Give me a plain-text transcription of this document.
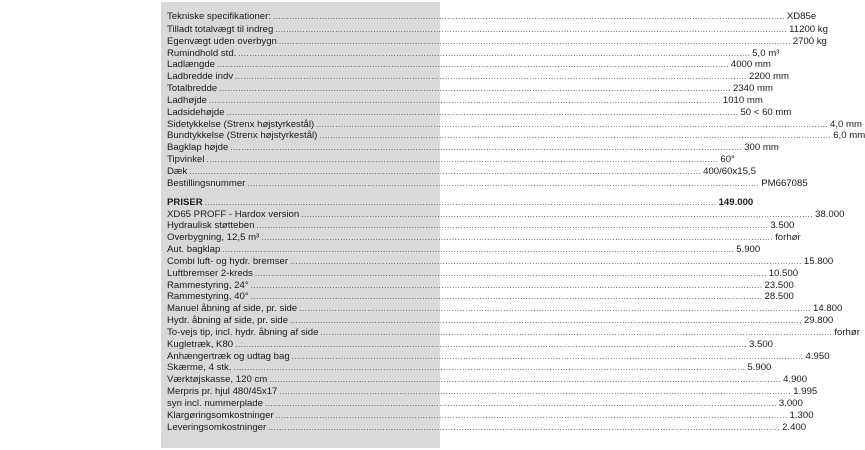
Tekniske specifikationer: .....	XD85e
Tilladt totalvægt til indreg .....	11200 kg
Egenvægt uden overbygn .....	2700 kg
Rumindhold std. .....	5,0 m³
Ladlængde .....	4000 mm
Ladbredde indv .....	2200 mm
Totalbredde .....	2340 mm
Ladhøjde .....	1010 mm
Ladsidehøjde .....	50 < 60 mm
Sidetykkelse (Strenx højstyrkestål) .....	4,0 mm
Bundtykkelse (Strenx højstyrkestål) .....	6,0 mm
Bagklap højde .....	300 mm
Tipvinkel .....	60°
Dæk .....	400/60x15,5
Bestillingsnummer .....	PM667085
PRISER .....	149.000
XD65 PROFF - Hardox version .....	38.000
Hydraulisk støtteben .....	3.500
Overbygning, 12,5 m³ .....	forhør
Aut. bagklap .....	5.900
Combi luft- og hydr. bremser .....	15.800
Luftbremser 2-kreds .....	10.500
Rammestyring, 24° .....	23.500
Rammestyring, 40° .....	28.500
Manuel åbning af side, pr. side .....	14.800
Hydr. åbning af side, pr. side .....	29.800
To-vejs tip, incl. hydr. åbning af side .....	forhør
Kugletræk, K80 .....	3.500
Anhængertræk og udtag bag .....	4.950
Skærme, 4 stk. .....	5.900
Værktøjskasse, 120 cm .....	4.900
Merpris pr. hjul 480/45x17 .....	1.995
syn incl. nummerplade .....	3.000
Klargøringsomkostninger .....	1.300
Leveringsomkostninger .....	2.400
